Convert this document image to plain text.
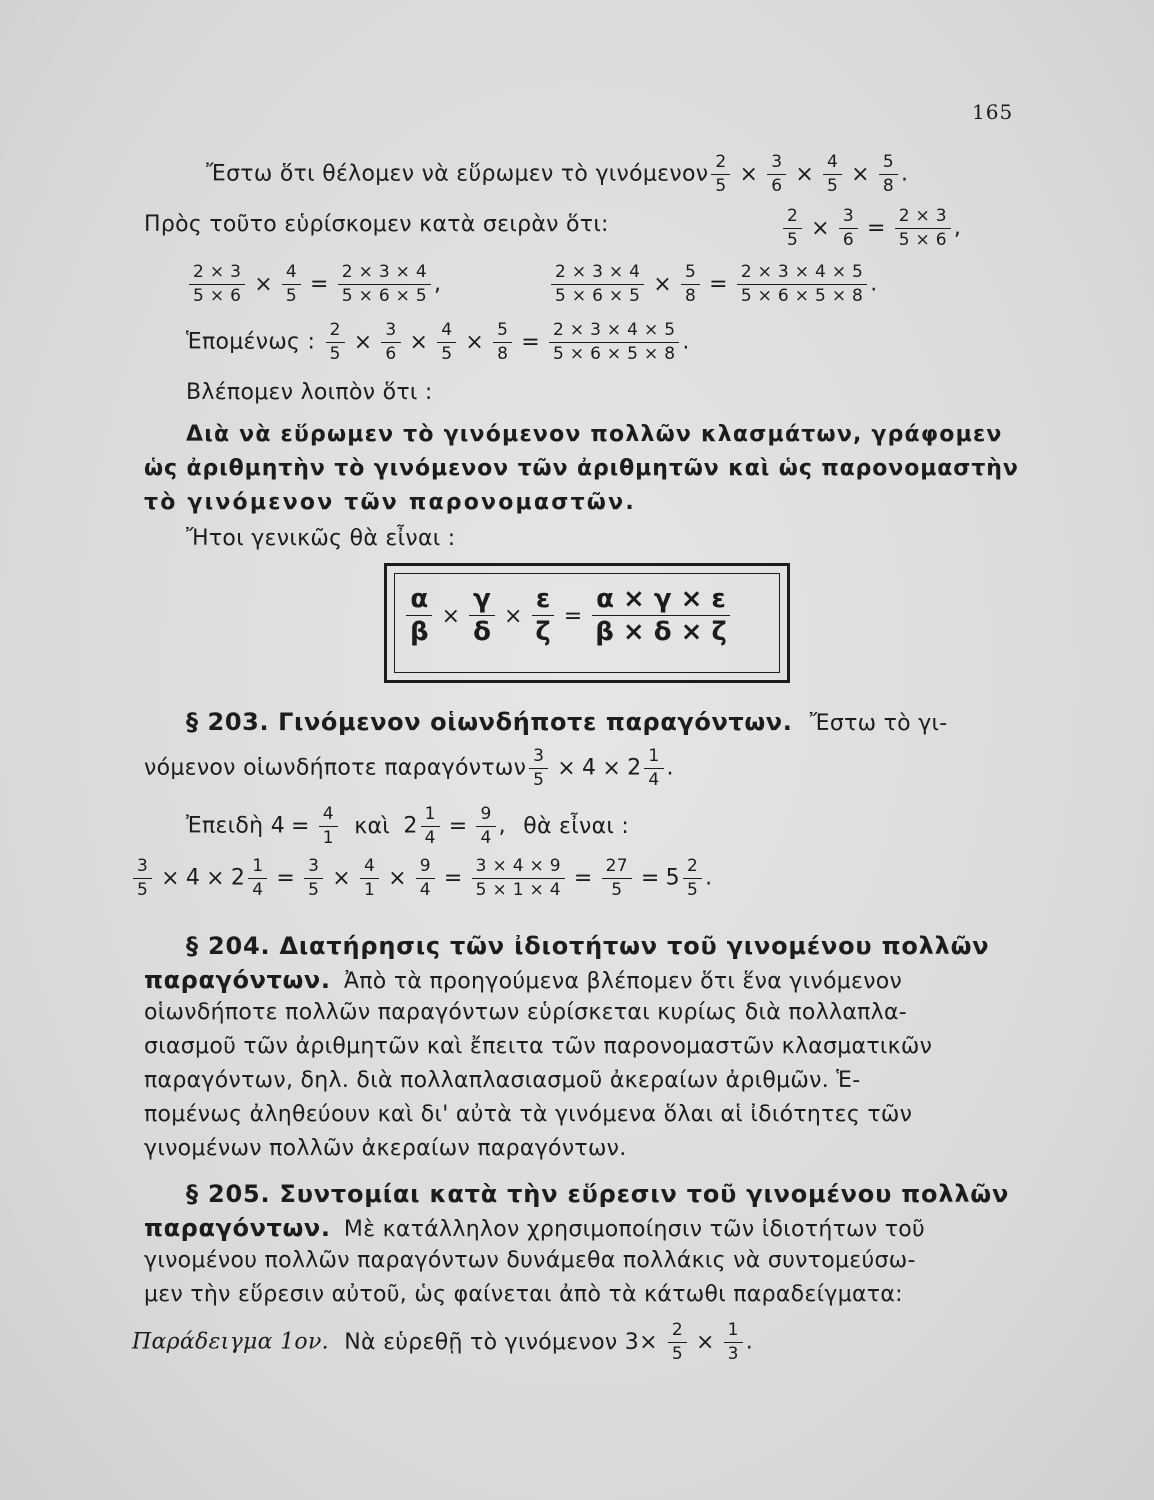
165
Ἔστω ὅτι θέλομεν νὰ εὕρωμεν τὸ γινόμενον $\frac{2}{5} \times \frac{3}{6} \times \frac{4}{5} \times \frac{5}{8}$ .
Πρὸς τοῦτο εὑρίσκομεν κατὰ σειρὰν ὅτι:	$\frac{2}{5} \times \frac{3}{6} = \frac{2 \times 3}{5 \times 6}$ ,
$\frac{2 \times 3}{5 \times 6} \times \frac{4}{5} = \frac{2 \times 3 \times 4}{5 \times 6 \times 5}$ ,	$\frac{2 \times 3 \times 4}{5 \times 6 \times 5} \times \frac{5}{8} = \frac{2 \times 3 \times 4 \times 5}{5 \times 6 \times 5 \times 8}$ .
Ἑπομένως : $\frac{2}{5} \times \frac{3}{6} \times \frac{4}{5} \times \frac{5}{8} = \frac{2 \times 3 \times 4 \times 5}{5 \times 6 \times 5 \times 8}$ .
Βλέπομεν λοιπὸν ὅτι :
Διὰ νὰ εὕρωμεν τὸ γινόμενον πολλῶν κλασμάτων, γράφομεν
ὡς ἀριθμητὴν τὸ γινόμενον τῶν ἀριθμητῶν καὶ ὡς παρονομαστὴν
τὸ γινόμενον τῶν παρονομαστῶν.
Ἤτοι γενικῶς θὰ εἶναι :
$\frac{\alpha}{\beta} \times \frac{\gamma}{\delta} \times \frac{\varepsilon}{\zeta} = \frac{\alpha \times \gamma \times \varepsilon}{\beta \times \delta \times \zeta}$
§ 203. Γινόμενον οἱωνδήποτε παραγόντων. Ἔστω τὸ γι-
νόμενον οἱωνδήποτε παραγόντων $\frac{3}{5} \times 4 \times 2 \frac{1}{4}$ .
Ἐπειδὴ $4 = \frac{4}{1}$ καὶ $2 \frac{1}{4} = \frac{9}{4}$ , θὰ εἶναι :
$\frac{3}{5} \times 4 \times 2 \frac{1}{4} = \frac{3}{5} \times \frac{4}{1} \times \frac{9}{4} = \frac{3 \times 4 \times 9}{5 \times 1 \times 4} = \frac{27}{5} = 5 \frac{2}{5}$ .
§ 204. Διατήρησις τῶν ἰδιοτήτων τοῦ γινομένου πολλῶν
παραγόντων. Ἀπὸ τὰ προηγούμενα βλέπομεν ὅτι ἕνα γινόμενον
οἱωνδήποτε πολλῶν παραγόντων εὑρίσκεται κυρίως διὰ πολλαπλα-
σιασμοῦ τῶν ἀριθμητῶν καὶ ἔπειτα τῶν παρονομαστῶν κλασματικῶν
παραγόντων, δηλ. διὰ πολλαπλασιασμοῦ ἀκεραίων ἀριθμῶν. Ἑ-
πομένως ἀληθεύουν καὶ δι' αὐτὰ τὰ γινόμενα ὅλαι αἱ ἰδιότητες τῶν
γινομένων πολλῶν ἀκεραίων παραγόντων.
§ 205. Συντομίαι κατὰ τὴν εὕρεσιν τοῦ γινομένου πολλῶν
παραγόντων. Μὲ κατάλληλον χρησιμοποίησιν τῶν ἰδιοτήτων τοῦ
γινομένου πολλῶν παραγόντων δυνάμεθα πολλάκις νὰ συντομεύσω-
μεν τὴν εὕρεσιν αὐτοῦ, ὡς φαίνεται ἀπὸ τὰ κάτωθι παραδείγματα:
Παράδειγμα 1ον. Νὰ εὑρεθῇ τὸ γινόμενον $3\times \frac{2}{5} \times \frac{1}{3}$ .
